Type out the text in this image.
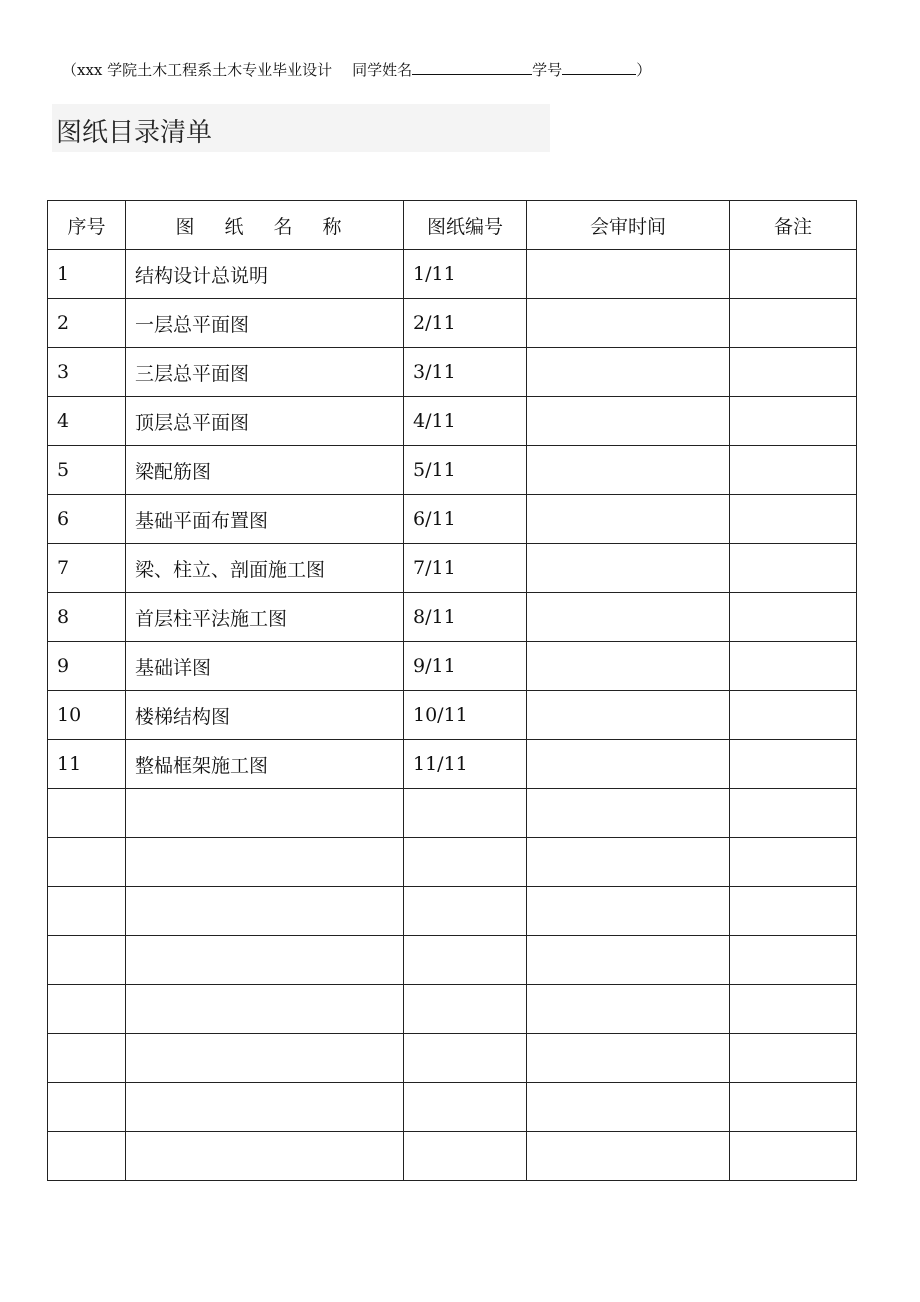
（xxx 学院土木工程系土木专业毕业设计 同学姓名	学号	）
图纸目录清单
序号	图 纸 名 称	图纸编号	会审时间	备注
1	结构设计总说明	1/11		
2	一层总平面图	2/11		
3	三层总平面图	3/11		
4	顶层总平面图	4/11		
5	梁配筋图	5/11		
6	基础平面布置图	6/11		
7	梁、柱立、剖面施工图	7/11		
8	首层柱平法施工图	8/11		
9	基础详图	9/11		
10	楼梯结构图	10/11		
11	整榀框架施工图	11/11		
